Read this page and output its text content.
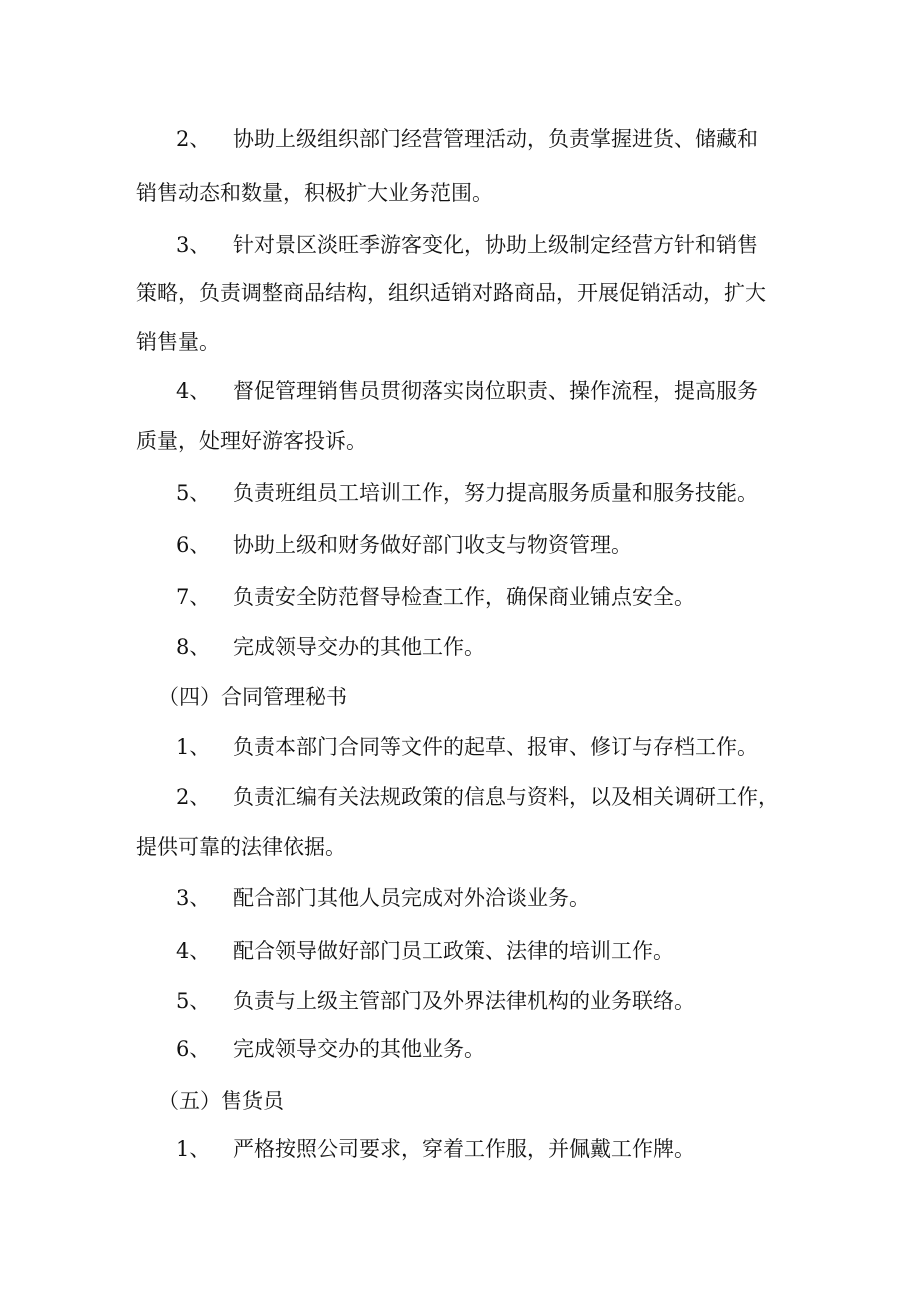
2、 协助上级组织部门经营管理活动，负责掌握进货、储藏和
销售动态和数量，积极扩大业务范围。
3、 针对景区淡旺季游客变化，协助上级制定经营方针和销售
策略，负责调整商品结构，组织适销对路商品，开展促销活动，扩大
销售量。
4、 督促管理销售员贯彻落实岗位职责、操作流程，提高服务
质量，处理好游客投诉。
5、 负责班组员工培训工作，努力提高服务质量和服务技能。
6、 协助上级和财务做好部门收支与物资管理。
7、 负责安全防范督导检查工作，确保商业铺点安全。
8、 完成领导交办的其他工作。
（四）合同管理秘书
1、 负责本部门合同等文件的起草、报审、修订与存档工作。
2、 负责汇编有关法规政策的信息与资料，以及相关调研工作，
提供可靠的法律依据。
3、 配合部门其他人员完成对外洽谈业务。
4、 配合领导做好部门员工政策、法律的培训工作。
5、 负责与上级主管部门及外界法律机构的业务联络。
6、 完成领导交办的其他业务。
（五）售货员
1、 严格按照公司要求，穿着工作服，并佩戴工作牌。
